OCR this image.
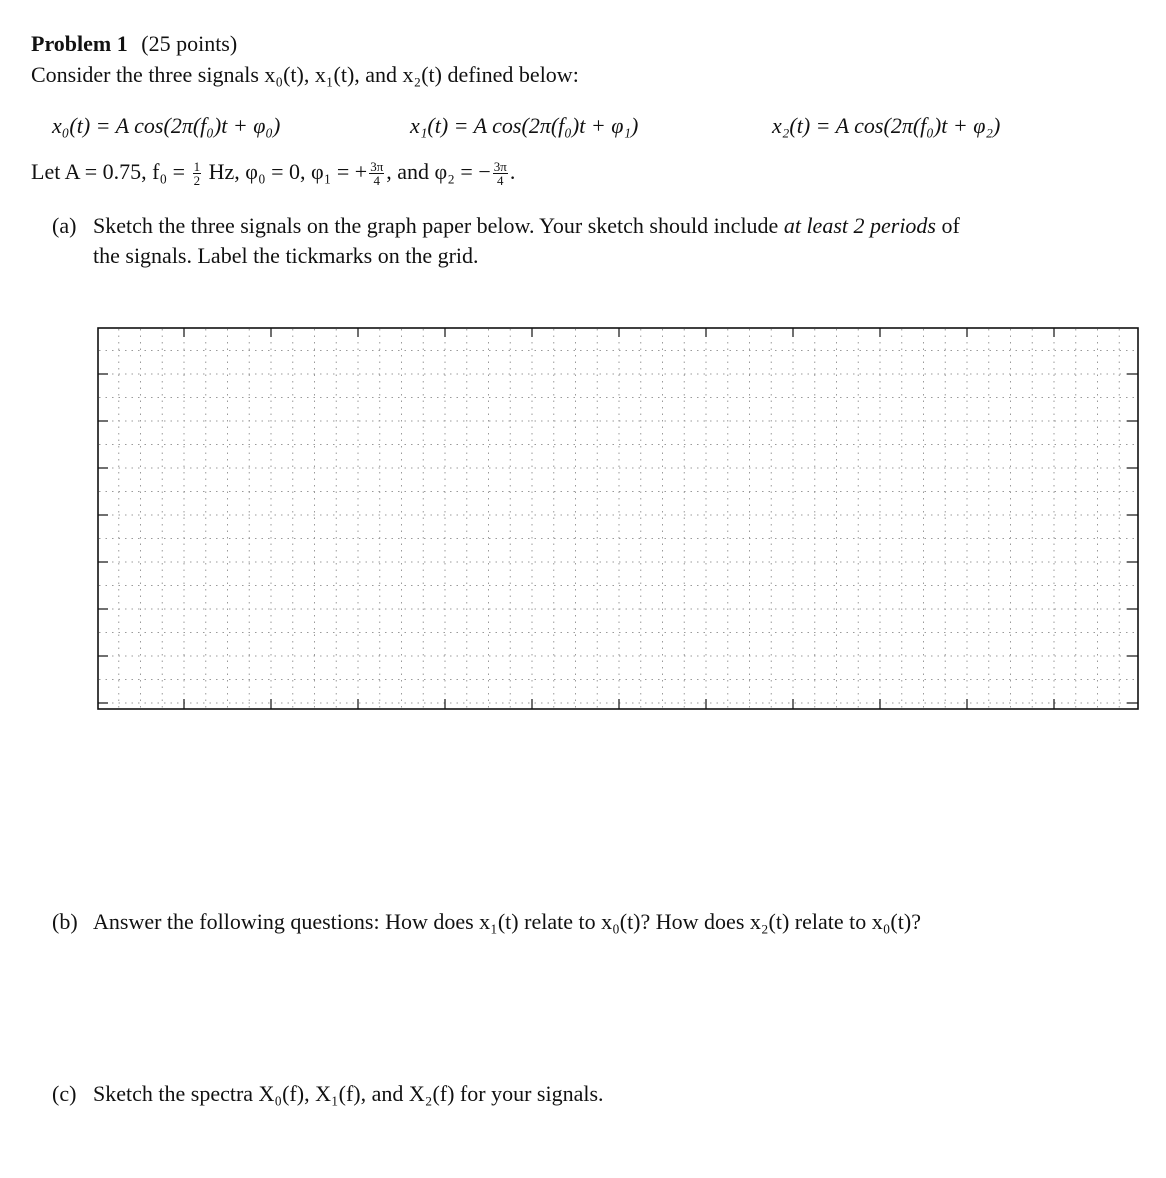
Problem 1 (25 points)
Consider the three signals x₀(t), x₁(t), and x₂(t) defined below:
x₀(t) = A cos(2π(f₀)t + φ₀)	x₁(t) = A cos(2π(f₀)t + φ₁)	x₂(t) = A cos(2π(f₀)t + φ₂)
Let A = 0.75, $f_0 = \frac{1}{2} Hz$, φ₀ = 0, φ₁ = + $\frac{3\pi}{4}$ , and φ₂ = − $\frac{3\pi}{4}$ .
(a) Sketch the three signals on the graph paper below. Your sketch should include at least 2 periods of
the signals. Label the tickmarks on the grid.
(b) Answer the following questions: How does x₁(t) relate to x₀(t)? How does x₂(t) relate to x₀(t)?
(c) Sketch the spectra X₀(f), X₁(f), and X₂(f) for your signals.
